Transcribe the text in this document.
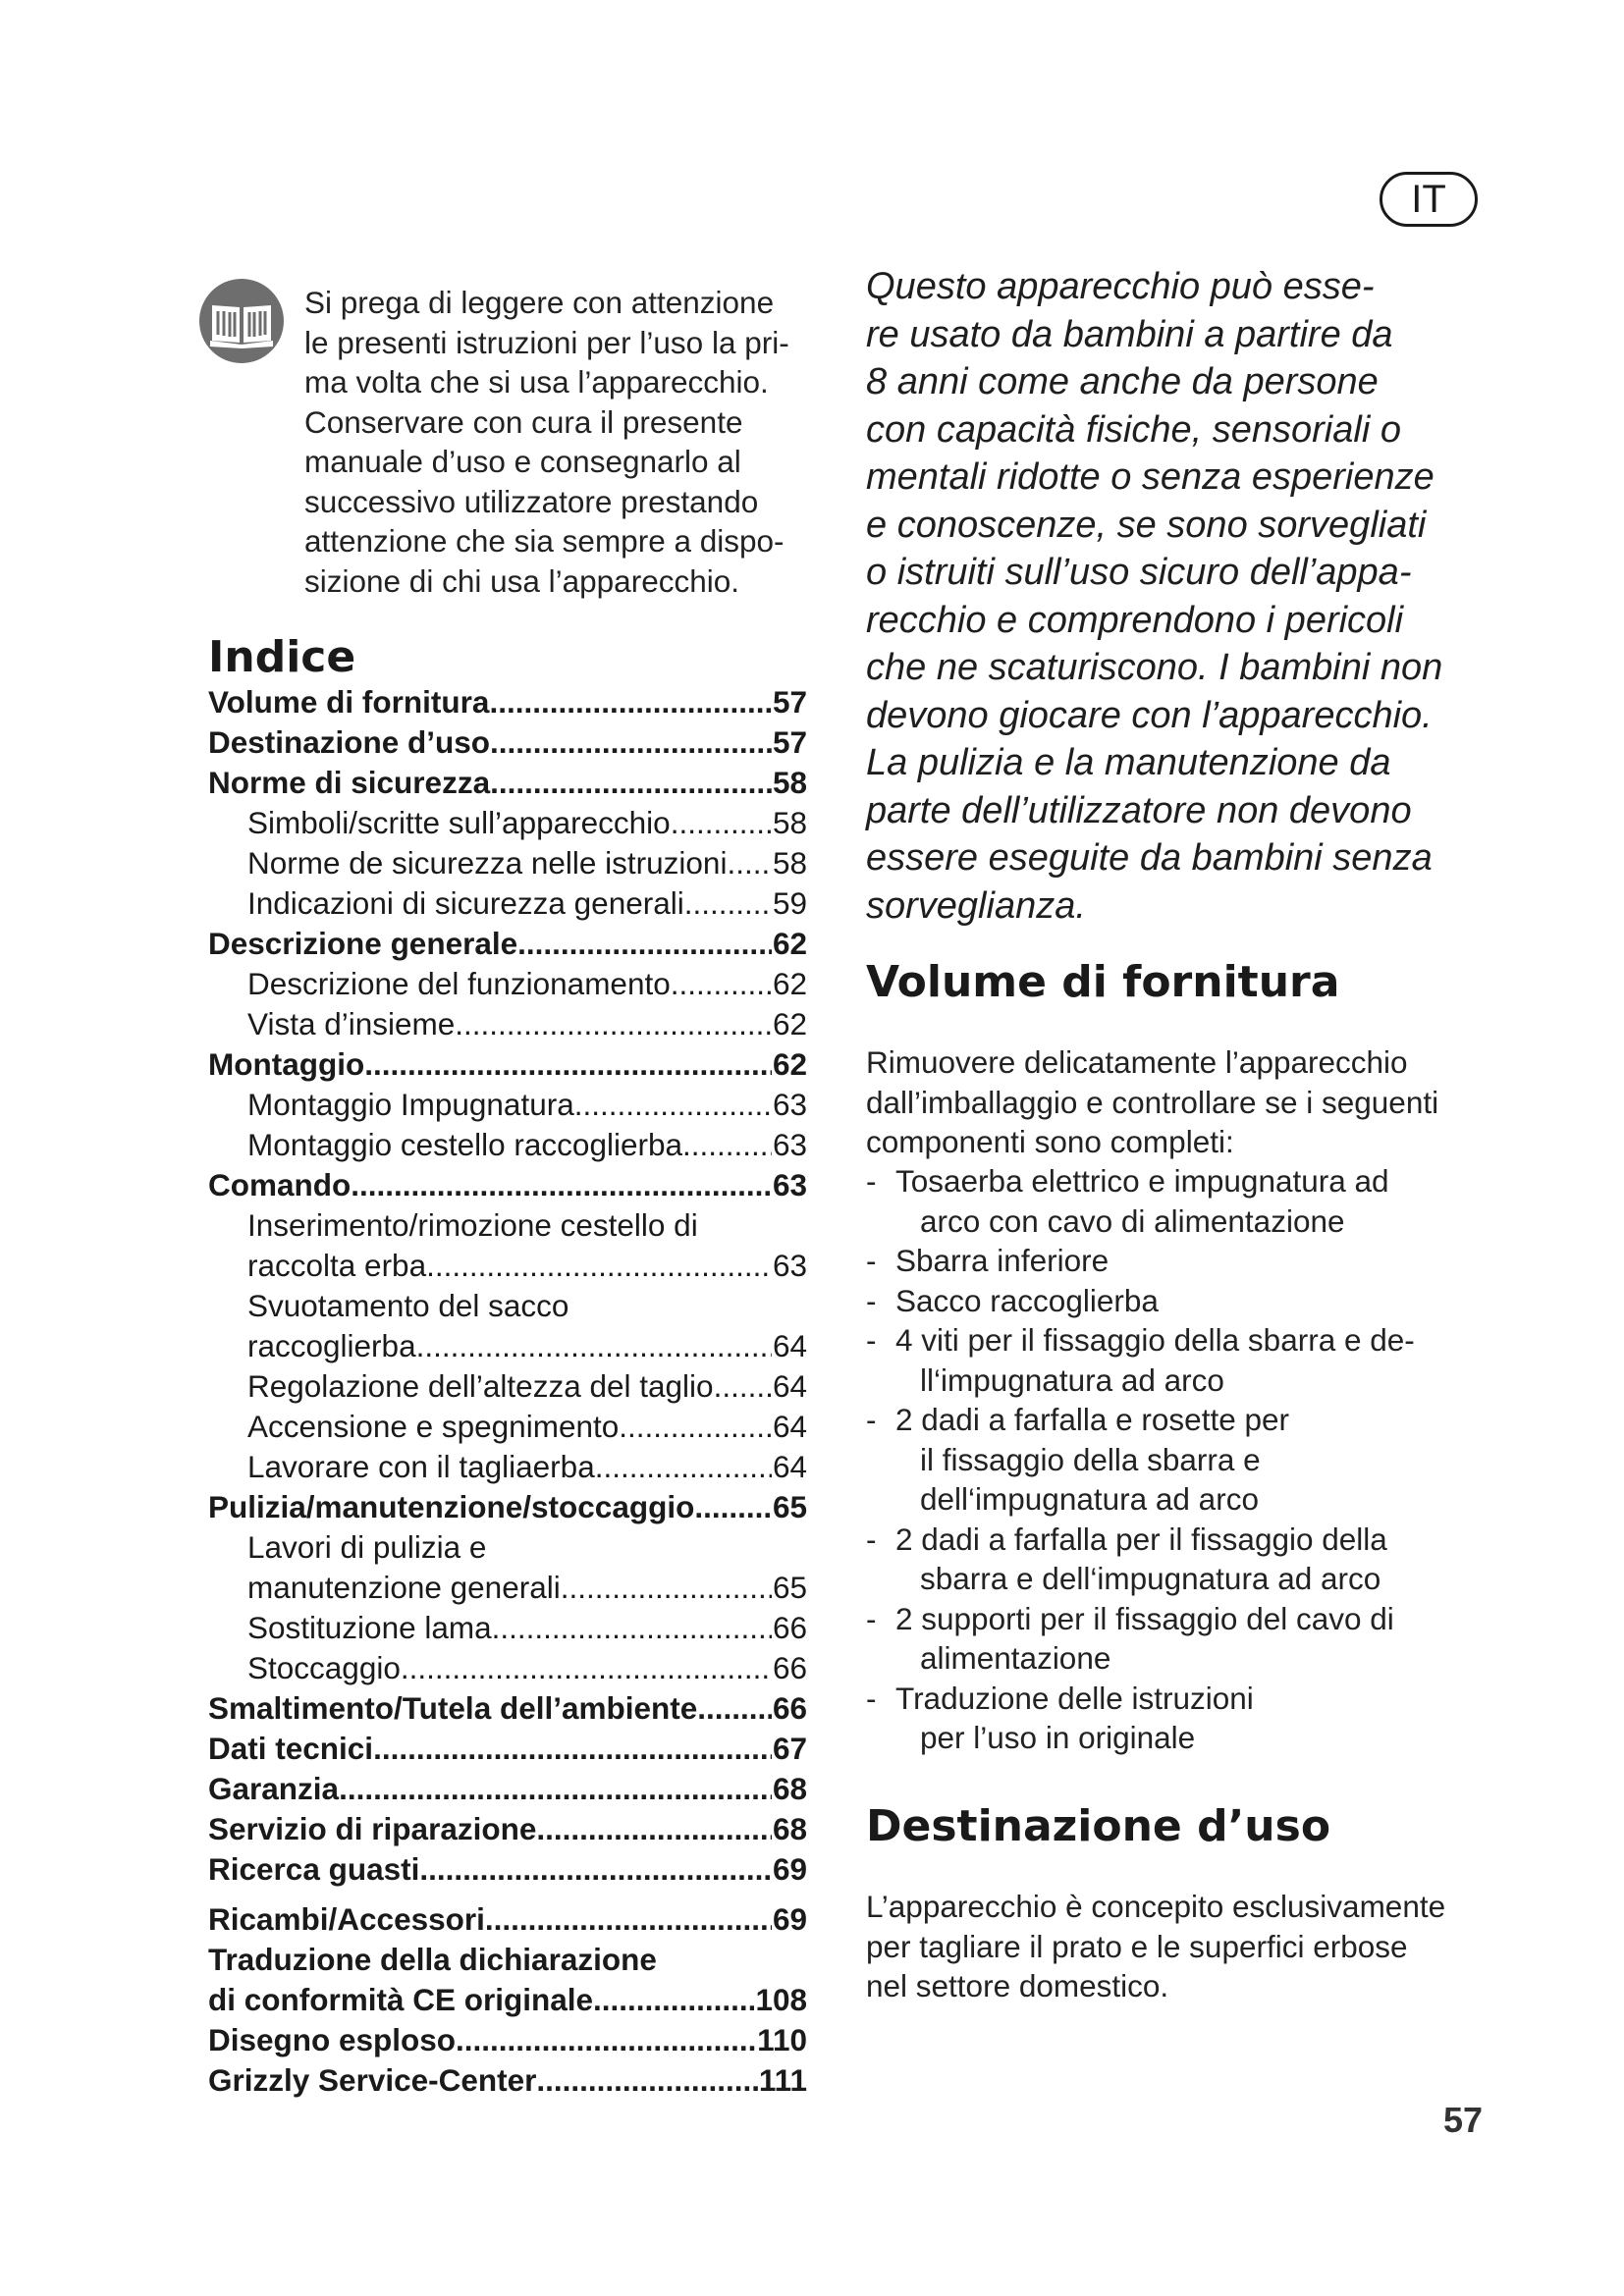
IT
Si prega di leggere con attenzione
le presenti istruzioni per l’uso la pri-
ma volta che si usa l’apparecchio.
Conservare con cura il presente
manuale d’uso e consegnarlo al
successivo utilizzatore prestando
attenzione che sia sempre a dispo-
sizione di chi usa l’apparecchio.
Indice
Volume di fornitura .....	57
Destinazione d’uso .....	57
Norme di sicurezza .....	58
Simboli/scritte sull’apparecchio .....	58
Norme de sicurezza nelle istruzioni ..... 58
Indicazioni di sicurezza generali .....	59
Descrizione generale .....	62
Descrizione del funzionamento .....	62
Vista d’insieme .....	62
Montaggio .....	62
Montaggio Impugnatura .....	63
Montaggio cestello raccoglierba .....	63
Comando .....	63
Inserimento/rimozione cestello di
raccolta erba .....	63
Svuotamento del sacco
raccoglierba .....	64
Regolazione dell’altezza del taglio ..... 64
Accensione e spegnimento .....	64
Lavorare con il tagliaerba .....	64
Pulizia/manutenzione/stoccaggio .....	65
Lavori di pulizia e
manutenzione generali .....	65
Sostituzione lama .....	66
Stoccaggio .....	66
Smaltimento/Tutela dell’ambiente ..... 66
Dati tecnici .....	67
Garanzia .....	68
Servizio di riparazione .....	68
Ricerca guasti .....	69
Ricambi/Accessori .....	69
Traduzione della dichiarazione
di conformità CE originale .....	108
Disegno esploso .....	110
Grizzly Service-Center .....	111
Questo apparecchio può esse-
re usato da bambini a partire da
8 anni come anche da persone
con capacità fisiche, sensoriali o
mentali ridotte o senza esperienze
e conoscenze, se sono sorvegliati
o istruiti sull’uso sicuro dell’appa-
recchio e comprendono i pericoli
che ne scaturiscono. I bambini non
devono giocare con l’apparecchio.
La pulizia e la manutenzione da
parte dell’utilizzatore non devono
essere eseguite da bambini senza
sorveglianza.
Volume di fornitura
Rimuovere delicatamente l’apparecchio
dall’imballaggio e controllare se i seguenti
componenti sono completi:
- Tosaerba elettrico e impugnatura ad
arco con cavo di alimentazione
- Sbarra inferiore
- Sacco raccoglierba
- 4 viti per il fissaggio della sbarra e de-
ll‘impugnatura ad arco
- 2 dadi a farfalla e rosette per
il fissaggio della sbarra e
dell‘impugnatura ad arco
- 2 dadi a farfalla per il fissaggio della
sbarra e dell‘impugnatura ad arco
- 2 supporti per il fissaggio del cavo di
alimentazione
- Traduzione delle istruzioni
per l’uso in originale
Destinazione d’uso
L’apparecchio è concepito esclusivamente
per tagliare il prato e le superfici erbose
nel settore domestico.
57
